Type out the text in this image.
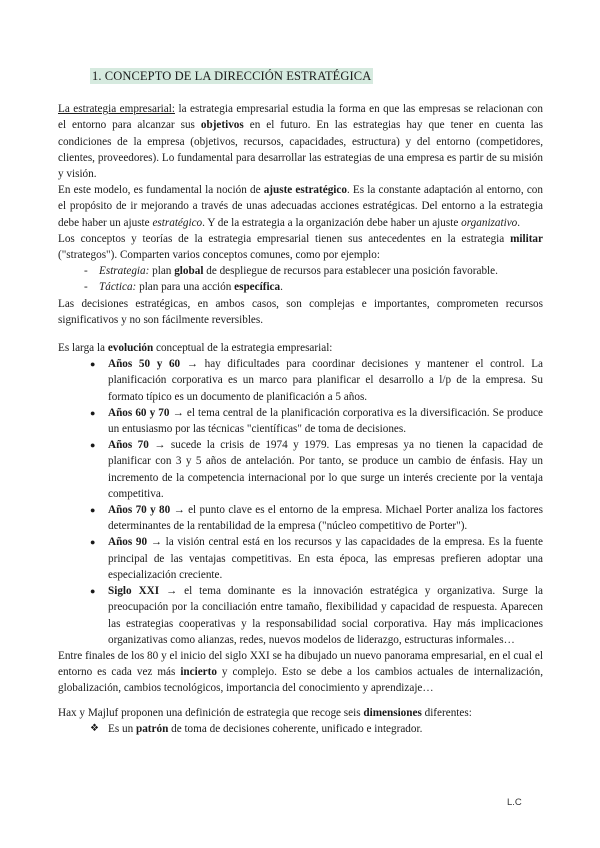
1. CONCEPTO DE LA DIRECCIÓN ESTRATÉGICA

La estrategia empresarial: la estrategia empresarial estudia la forma en que las empresas se relacionan con el entorno para alcanzar sus objetivos en el futuro. En las estrategias hay que tener en cuenta las condiciones de la empresa (objetivos, recursos, capacidades, estructura) y del entorno (competidores, clientes, proveedores). Lo fundamental para desarrollar las estrategias de una empresa es partir de su misión y visión.

En este modelo, es fundamental la noción de ajuste estratégico. Es la constante adaptación al entorno, con el propósito de ir mejorando a través de unas adecuadas acciones estratégicas. Del entorno a la estrategia debe haber un ajuste estratégico. Y de la estrategia a la organización debe haber un ajuste organizativo.

Los conceptos y teorías de la estrategia empresarial tienen sus antecedentes en la estrategia militar ("strategos"). Comparten varios conceptos comunes, como por ejemplo:

- Estrategia: plan global de despliegue de recursos para establecer una posición favorable.
- Táctica: plan para una acción específica.

Las decisiones estratégicas, en ambos casos, son complejas e importantes, comprometen recursos significativos y no son fácilmente reversibles.

Es larga la evolución conceptual de la estrategia empresarial:

● Años 50 y 60 → hay dificultades para coordinar decisiones y mantener el control. La planificación corporativa es un marco para planificar el desarrollo a l/p de la empresa. Su formato típico es un documento de planificación a 5 años.
● Años 60 y 70 → el tema central de la planificación corporativa es la diversificación. Se produce un entusiasmo por las técnicas "científicas" de toma de decisiones.
● Años 70 → sucede la crisis de 1974 y 1979. Las empresas ya no tienen la capacidad de planificar con 3 y 5 años de antelación. Por tanto, se produce un cambio de énfasis. Hay un incremento de la competencia internacional por lo que surge un interés creciente por la ventaja competitiva.
● Años 70 y 80 → el punto clave es el entorno de la empresa. Michael Porter analiza los factores determinantes de la rentabilidad de la empresa ("núcleo competitivo de Porter").
● Años 90 → la visión central está en los recursos y las capacidades de la empresa. Es la fuente principal de las ventajas competitivas. En esta época, las empresas prefieren adoptar una especialización creciente.
● Siglo XXI → el tema dominante es la innovación estratégica y organizativa. Surge la preocupación por la conciliación entre tamaño, flexibilidad y capacidad de respuesta. Aparecen las estrategias cooperativas y la responsabilidad social corporativa. Hay más implicaciones organizativas como alianzas, redes, nuevos modelos de liderazgo, estructuras informales…

Entre finales de los 80 y el inicio del siglo XXI se ha dibujado un nuevo panorama empresarial, en el cual el entorno es cada vez más incierto y complejo. Esto se debe a los cambios actuales de internalización, globalización, cambios tecnológicos, importancia del conocimiento y aprendizaje…

Hax y Majluf proponen una definición de estrategia que recoge seis dimensiones diferentes:

❖ Es un patrón de toma de decisiones coherente, unificado e integrador.
L.C
